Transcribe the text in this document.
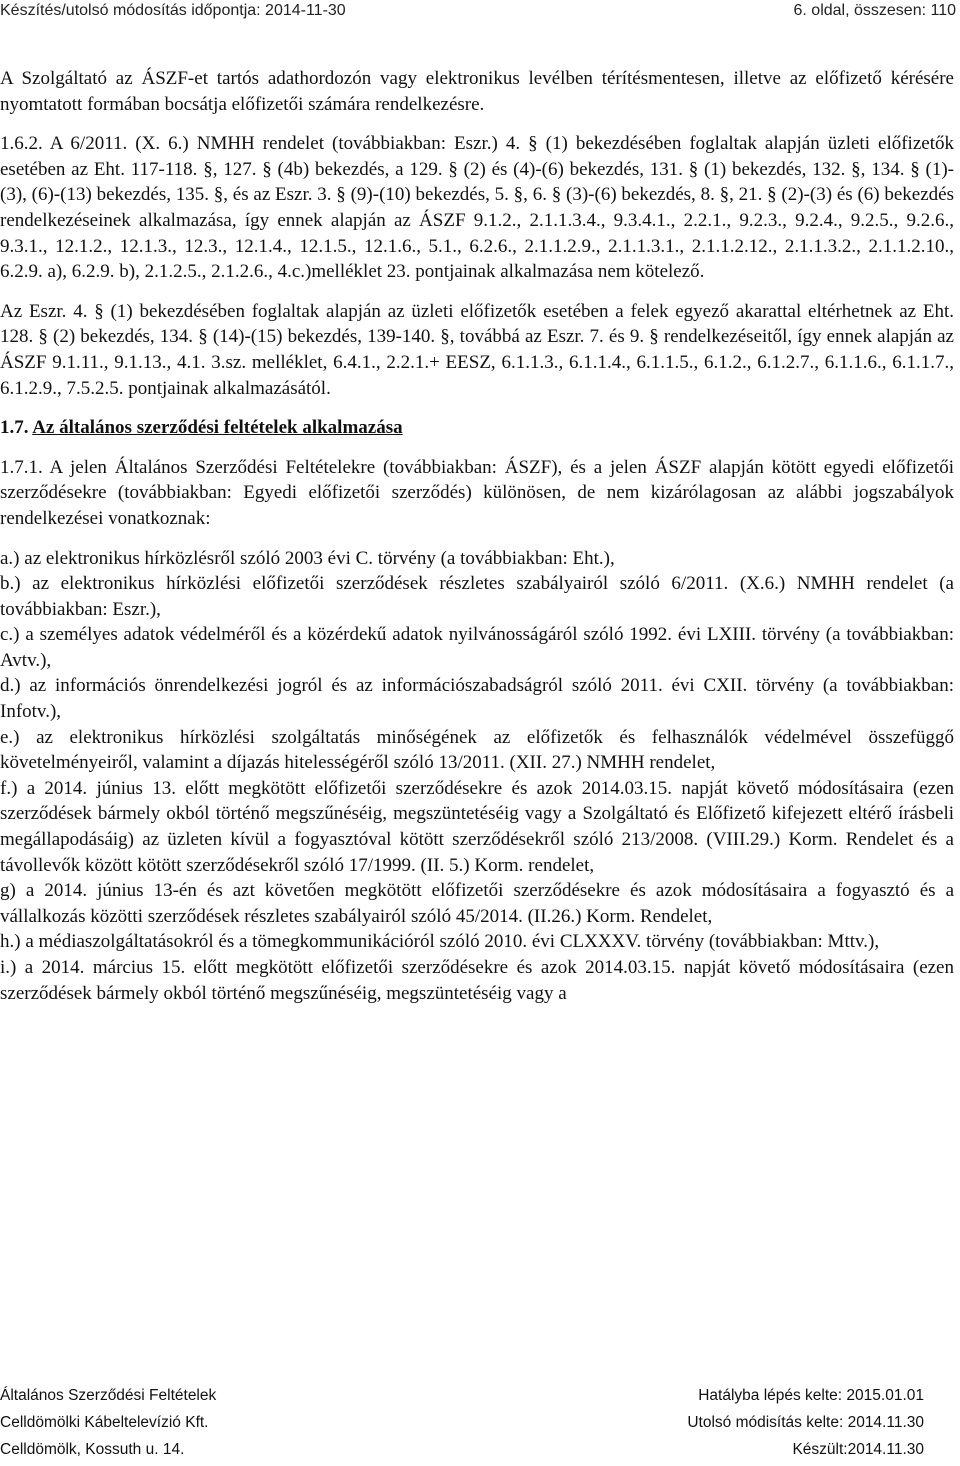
Készítés/utolsó módosítás időpontja: 2014-11-30	6. oldal, összesen: 110

A Szolgáltató az ÁSZF-et tartós adathordozón vagy elektronikus levélben térítésmentesen, illetve az előfizető kérésére nyomtatott formában bocsátja előfizetői számára rendelkezésre.

1.6.2. A 6/2011. (X. 6.) NMHH rendelet (továbbiakban: Eszr.) 4. § (1) bekezdésében foglaltak alapján üzleti előfizetők esetében az Eht. 117-118. §, 127. § (4b) bekezdés, a 129. § (2) és (4)-(6) bekezdés, 131. § (1) bekezdés, 132. §, 134. § (1)-(3), (6)-(13) bekezdés, 135. §, és az Eszr. 3. § (9)-(10) bekezdés, 5. §, 6. § (3)-(6) bekezdés, 8. §, 21. § (2)-(3) és (6) bekezdés rendelkezéseinek alkalmazása, így ennek alapján az ÁSZF 9.1.2., 2.1.1.3.4., 9.3.4.1., 2.2.1., 9.2.3., 9.2.4., 9.2.5., 9.2.6., 9.3.1., 12.1.2., 12.1.3., 12.3., 12.1.4., 12.1.5., 12.1.6., 5.1., 6.2.6., 2.1.1.2.9., 2.1.1.3.1., 2.1.1.2.12., 2.1.1.3.2., 2.1.1.2.10., 6.2.9. a), 6.2.9. b), 2.1.2.5., 2.1.2.6., 4.c.)melléklet 23. pontjainak alkalmazása nem kötelező.

Az Eszr. 4. § (1) bekezdésében foglaltak alapján az üzleti előfizetők esetében a felek egyező akarattal eltérhetnek az Eht. 128. § (2) bekezdés, 134. § (14)-(15) bekezdés, 139-140. §, továbbá az Eszr. 7. és 9. § rendelkezéseitől, így ennek alapján az ÁSZF 9.1.11., 9.1.13., 4.1. 3.sz. melléklet, 6.4.1., 2.2.1.+ EESZ, 6.1.1.3., 6.1.1.4., 6.1.1.5., 6.1.2., 6.1.2.7., 6.1.1.6., 6.1.1.7., 6.1.2.9., 7.5.2.5. pontjainak alkalmazásától.

1.7. Az általános szerződési feltételek alkalmazása

1.7.1. A jelen Általános Szerződési Feltételekre (továbbiakban: ÁSZF), és a jelen ÁSZF alapján kötött egyedi előfizetői szerződésekre (továbbiakban: Egyedi előfizetői szerződés) különösen, de nem kizárólagosan az alábbi jogszabályok rendelkezései vonatkoznak:

a.) az elektronikus hírközlésről szóló 2003 évi C. törvény (a továbbiakban: Eht.),

b.) az elektronikus hírközlési előfizetői szerződések részletes szabályairól szóló 6/2011. (X.6.) NMHH rendelet (a továbbiakban: Eszr.),

c.) a személyes adatok védelméről és a közérdekű adatok nyilvánosságáról szóló 1992. évi LXIII. törvény (a továbbiakban: Avtv.),

d.) az információs önrendelkezési jogról és az információszabadságról szóló 2011. évi CXII. törvény (a továbbiakban: Infotv.),

e.) az elektronikus hírközlési szolgáltatás minőségének az előfizetők és felhasználók védelmével összefüggő követelményeiről, valamint a díjazás hitelességéről szóló 13/2011. (XII. 27.) NMHH rendelet,

f.) a 2014. június 13. előtt megkötött előfizetői szerződésekre és azok 2014.03.15. napját követő módosításaira (ezen szerződések bármely okból történő megszűnéséig, megszüntetéséig vagy a Szolgáltató és Előfizető kifejezett eltérő írásbeli megállapodásáig) az üzleten kívül a fogyasztóval kötött szerződésekről szóló 213/2008. (VIII.29.) Korm. Rendelet és a távollevők között kötött szerződésekről szóló 17/1999. (II. 5.) Korm. rendelet,

g) a 2014. június 13-én és azt követően megkötött előfizetői szerződésekre és azok módosításaira a fogyasztó és a vállalkozás közötti szerződések részletes szabályairól szóló 45/2014. (II.26.) Korm. Rendelet,

h.) a médiaszolgáltatásokról és a tömegkommunikációról szóló 2010. évi CLXXXV. törvény (továbbiakban: Mttv.),

i.) a 2014. március 15. előtt megkötött előfizetői szerződésekre és azok 2014.03.15. napját követő módosításaira (ezen szerződések bármely okból történő megszűnéséig, megszüntetéséig vagy a

Általános Szerződési Feltételek	Hatályba lépés kelte: 2015.01.01
Celldömölki Kábeltelevízió Kft.	Utolsó módisítás kelte: 2014.11.30
Celldömölk, Kossuth u. 14.	Készült:2014.11.30
